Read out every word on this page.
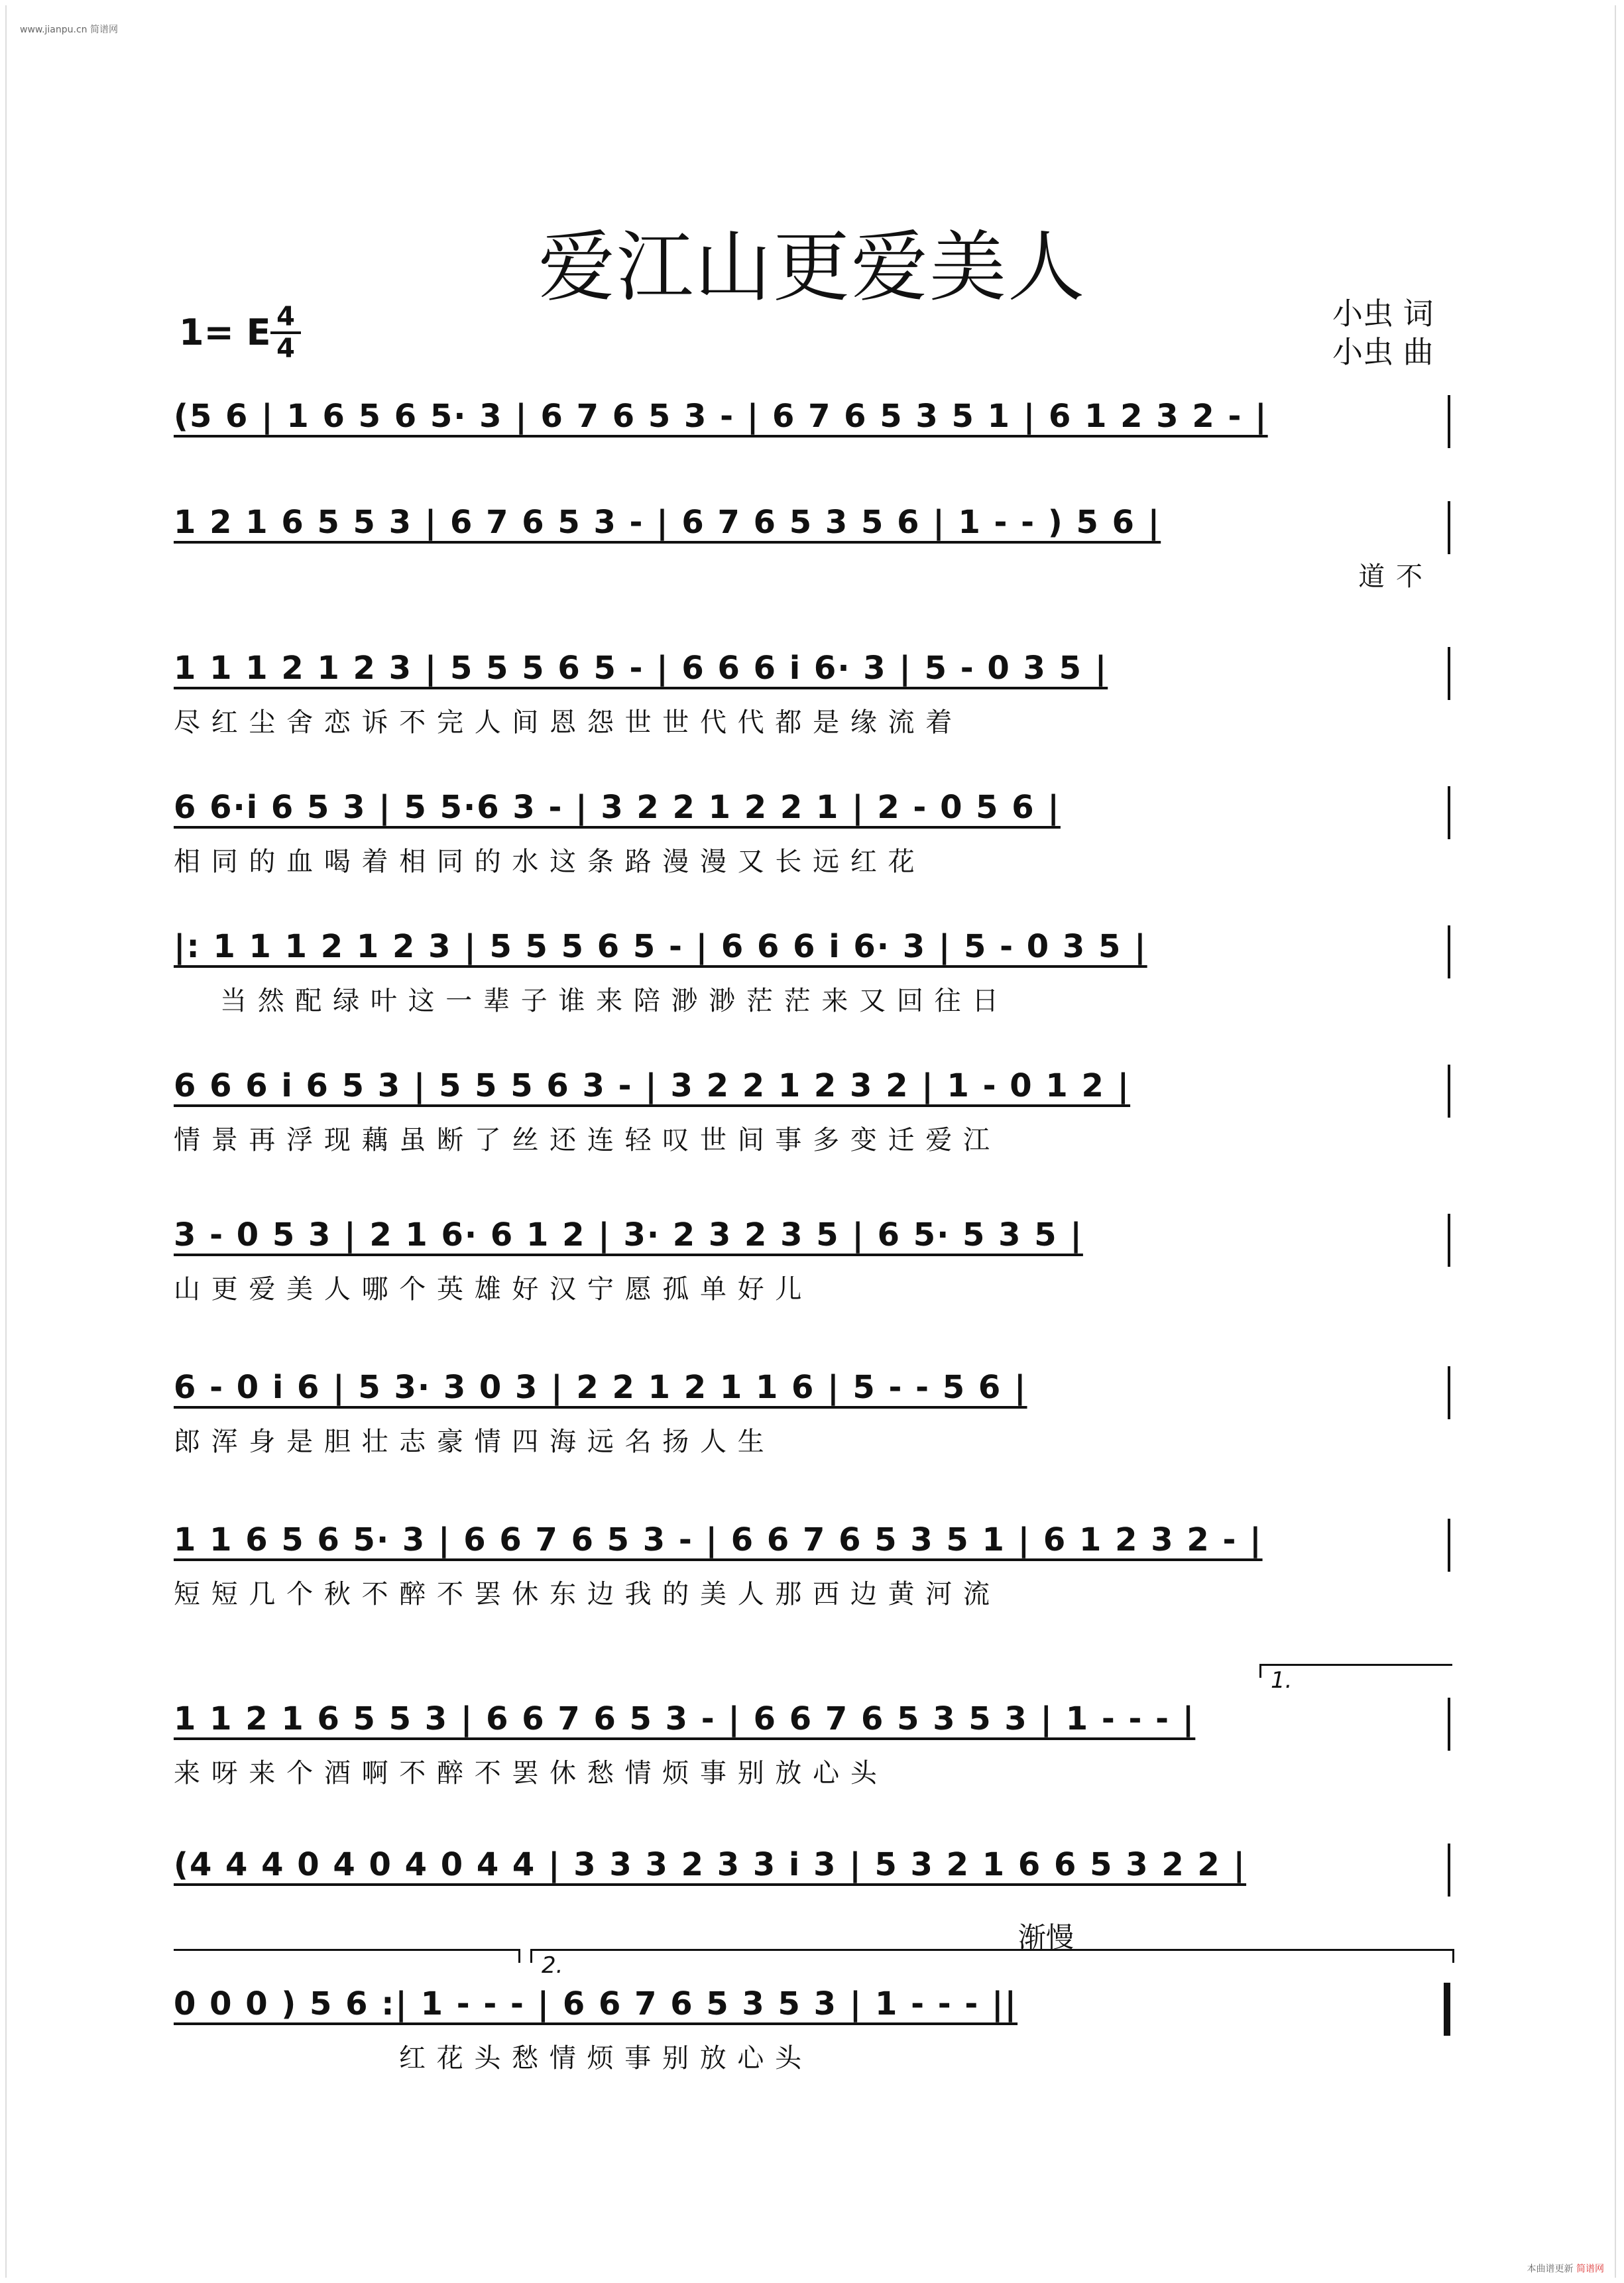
www.jianpu.cn 简谱网
爱江山更爱美人
1= E 4
4
小虫 词
小虫 曲
(5 6 | 1 6 5 6 5· 3 | 6 7 6 5 3 - | 6 7 6 5 3 5 1 | 6 1 2 3 2 - |
1 2 1 6 5 5 3 | 6 7 6 5 3 - | 6 7 6 5 3 5 6 | 1 - - ) 5 6 |
道 不
1 1 1 2 1 2 3 | 5 5 5 6 5 - | 6 6 6 i 6· 3 | 5 - 0 3 5 |
尽 红 尘 舍 恋 诉 不 完 人 间 恩 怨 世 世 代 代 都 是 缘 流 着
6 6·i 6 5 3 | 5 5·6 3 - | 3 2 2 1 2 2 1 | 2 - 0 5 6 |
相 同 的 血 喝 着 相 同 的 水 这 条 路 漫 漫 又 长 远 红 花
|: 1 1 1 2 1 2 3 | 5 5 5 6 5 - | 6 6 6 i 6· 3 | 5 - 0 3 5 |
当 然 配 绿 叶 这 一 辈 子 谁 来 陪 渺 渺 茫 茫 来 又 回 往 日
6 6 6 i 6 5 3 | 5 5 5 6 3 - | 3 2 2 1 2 3 2 | 1 - 0 1 2 |
情 景 再 浮 现 藕 虽 断 了 丝 还 连 轻 叹 世 间 事 多 变 迁 爱 江
3 - 0 5 3 | 2 1 6· 6 1 2 | 3· 2 3 2 3 5 | 6 5· 5 3 5 |
山 更 爱 美 人 哪 个 英 雄 好 汉 宁 愿 孤 单 好 儿
6 - 0 i 6 | 5 3· 3 0 3 | 2 2 1 2 1 1 6 | 5 - - 5 6 |
郎 浑 身 是 胆 壮 志 豪 情 四 海 远 名 扬 人 生
1 1 6 5 6 5· 3 | 6 6 7 6 5 3 - | 6 6 7 6 5 3 5 1 | 6 1 2 3 2 - |
短 短 几 个 秋 不 醉 不 罢 休 东 边 我 的 美 人 那 西 边 黄 河 流
1.
1 1 2 1 6 5 5 3 | 6 6 7 6 5 3 - | 6 6 7 6 5 3 5 3 | 1 - - - |
来 呀 来 个 酒 啊 不 醉 不 罢 休 愁 情 烦 事 别 放 心 头
(4 4 4 0 4 0 4 0 4 4 | 3 3 3 2 3 3 i 3 | 5 3 2 1 6 6 5 3 2 2 |
渐慢
2.
0 0 0 ) 5 6 :| 1 - - - | 6 6 7 6 5 3 5 3 | 1 - - - ||
红 花 头 愁 情 烦 事 别 放 心 头
本曲谱更新 简谱网
